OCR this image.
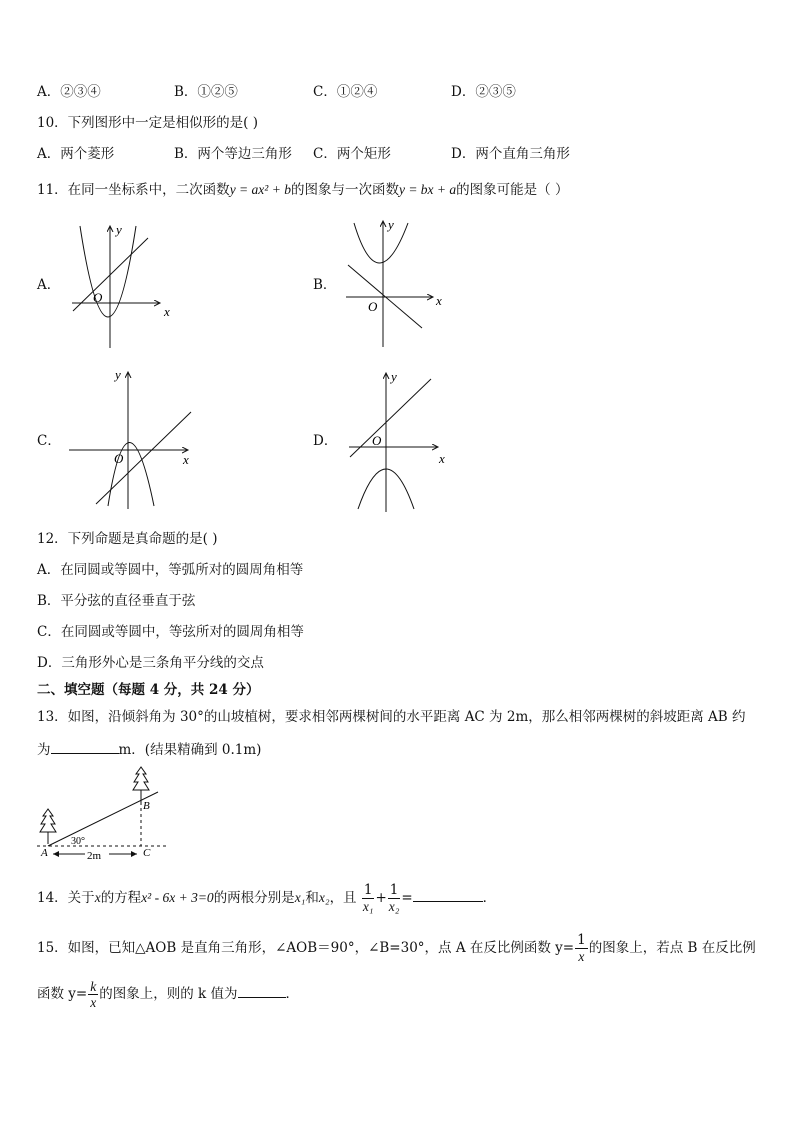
A．②③④	B．①②⑤	C．①②④	D．②③⑤
10．下列图形中一定是相似形的是( )
A．两个菱形	B．两个等边三角形 C．两个矩形	D．两个直角三角形
11．在同一坐标系中，二次函数y = ax² + b的图象与一次函数y = bx + a的图象可能是（ ）
A．	B．
C．	D．
y
x
O
y
x
O
y
x
O
y
x
O
12．下列命题是真命题的是( )
A．在同圆或等圆中，等弧所对的圆周角相等
B．平分弦的直径垂直于弦
C．在同圆或等圆中，等弦所对的圆周角相等
D．三角形外心是三条角平分线的交点
二、填空题（每题 4 分，共 24 分）
13．如图，沿倾斜角为 30°的山坡植树，要求相邻两棵树间的水平距离 AC 为 2m，那么相邻两棵树的斜坡距离 AB 约
为	m．(结果精确到 0.1m)
2m
A	C
B
30°
14．关于x的方程x² - 6x + 3=0的两根分别是x₁和x₂，且 $\frac{1}{\text{x₁}} + \frac{1}{\text{x₂}}$ =	．
15．如图，已知△AOB 是直角三角形，∠AOB＝90°，∠B=30°，点 A 在反比例函数 $y= \frac{1}{x}$ 的图象上，若点 B 在反比例
函数 $y= \frac{k}{x}$ 的图象上，则的 k 值为	．
